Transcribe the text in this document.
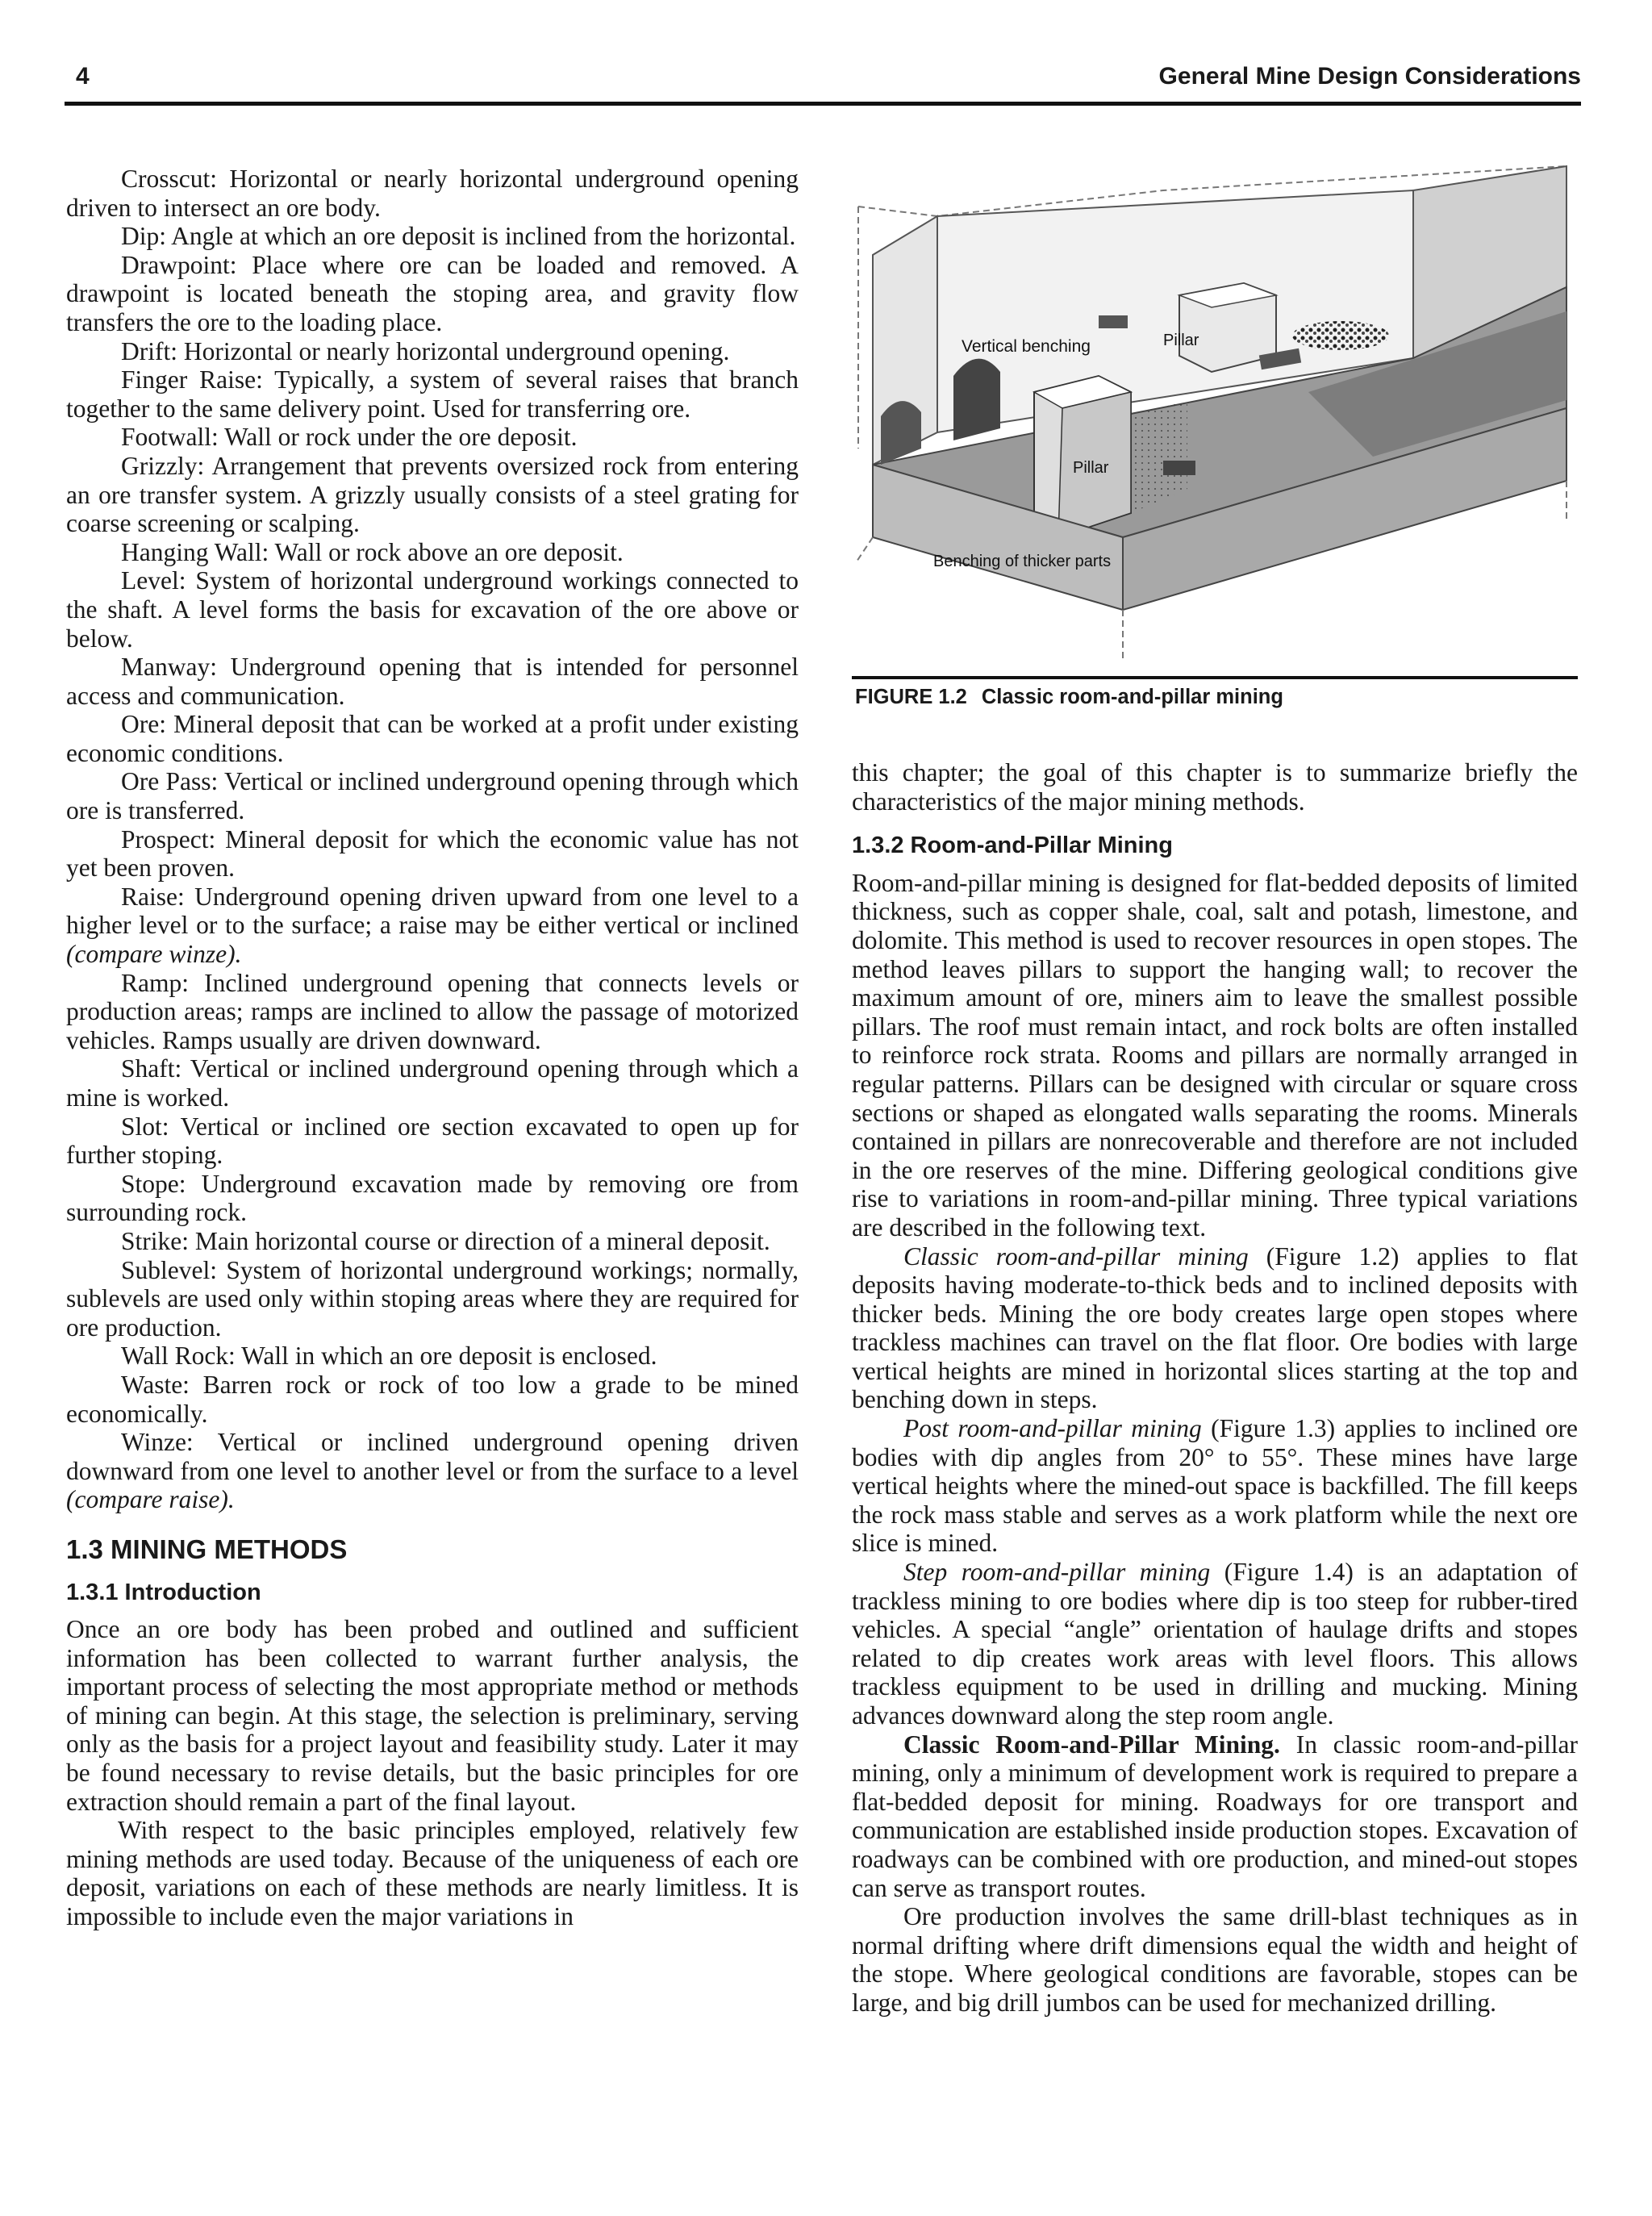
4	General Mine Design Considerations

Crosscut: Horizontal or nearly horizontal underground opening driven to intersect an ore body.

Dip: Angle at which an ore deposit is inclined from the horizontal.

Drawpoint: Place where ore can be loaded and removed. A drawpoint is located beneath the stoping area, and gravity flow transfers the ore to the loading place.

Drift: Horizontal or nearly horizontal underground opening.

Finger Raise: Typically, a system of several raises that branch together to the same delivery point. Used for transferring ore.

Footwall: Wall or rock under the ore deposit.

Grizzly: Arrangement that prevents oversized rock from entering an ore transfer system. A grizzly usually consists of a steel grating for coarse screening or scalping.

Hanging Wall: Wall or rock above an ore deposit.

Level: System of horizontal underground workings connected to the shaft. A level forms the basis for excavation of the ore above or below.

Manway: Underground opening that is intended for personnel access and communication.

Ore: Mineral deposit that can be worked at a profit under existing economic conditions.

Ore Pass: Vertical or inclined underground opening through which ore is transferred.

Prospect: Mineral deposit for which the economic value has not yet been proven.

Raise: Underground opening driven upward from one level to a higher level or to the surface; a raise may be either vertical or inclined (compare winze).

Ramp: Inclined underground opening that connects levels or production areas; ramps are inclined to allow the passage of motorized vehicles. Ramps usually are driven downward.

Shaft: Vertical or inclined underground opening through which a mine is worked.

Slot: Vertical or inclined ore section excavated to open up for further stoping.

Stope: Underground excavation made by removing ore from surrounding rock.

Strike: Main horizontal course or direction of a mineral deposit.

Sublevel: System of horizontal underground workings; normally, sublevels are used only within stoping areas where they are required for ore production.

Wall Rock: Wall in which an ore deposit is enclosed.

Waste: Barren rock or rock of too low a grade to be mined economically.

Winze: Vertical or inclined underground opening driven downward from one level to another level or from the surface to a level (compare raise).

1.3 MINING METHODS
1.3.1 Introduction

Once an ore body has been probed and outlined and sufficient information has been collected to warrant further analysis, the important process of selecting the most appropriate method or methods of mining can begin. At this stage, the selection is preliminary, serving only as the basis for a project layout and feasibility study. Later it may be found necessary to revise details, but the basic principles for ore extraction should remain a part of the final layout.

With respect to the basic principles employed, relatively few mining methods are used today. Because of the uniqueness of each ore deposit, variations on each of these methods are nearly limitless. It is impossible to include even the major variations in

Vertical benching	Pillar
Pillar
Benching of thicker parts
FIGURE 1.2 Classic room-and-pillar mining

this chapter; the goal of this chapter is to summarize briefly the characteristics of the major mining methods.

1.3.2 Room-and-Pillar Mining

Room-and-pillar mining is designed for flat-bedded deposits of limited thickness, such as copper shale, coal, salt and potash, limestone, and dolomite. This method is used to recover resources in open stopes. The method leaves pillars to support the hanging wall; to recover the maximum amount of ore, miners aim to leave the smallest possible pillars. The roof must remain intact, and rock bolts are often installed to reinforce rock strata. Rooms and pillars are normally arranged in regular patterns. Pillars can be designed with circular or square cross sections or shaped as elongated walls separating the rooms. Minerals contained in pillars are nonrecoverable and therefore are not included in the ore reserves of the mine. Differing geological conditions give rise to variations in room-and-pillar mining. Three typical variations are described in the following text.

Classic room-and-pillar mining (Figure 1.2) applies to flat deposits having moderate-to-thick beds and to inclined deposits with thicker beds. Mining the ore body creates large open stopes where trackless machines can travel on the flat floor. Ore bodies with large vertical heights are mined in horizontal slices starting at the top and benching down in steps.

Post room-and-pillar mining (Figure 1.3) applies to inclined ore bodies with dip angles from 20° to 55°. These mines have large vertical heights where the mined-out space is backfilled. The fill keeps the rock mass stable and serves as a work platform while the next ore slice is mined.

Step room-and-pillar mining (Figure 1.4) is an adaptation of trackless mining to ore bodies where dip is too steep for rubber-tired vehicles. A special “angle” orientation of haulage drifts and stopes related to dip creates work areas with level floors. This allows trackless equipment to be used in drilling and mucking. Mining advances downward along the step room angle.

Classic Room-and-Pillar Mining. In classic room-and-pillar mining, only a minimum of development work is required to prepare a flat-bedded deposit for mining. Roadways for ore transport and communication are established inside production stopes. Excavation of roadways can be combined with ore production, and mined-out stopes can serve as transport routes.

Ore production involves the same drill-blast techniques as in normal drifting where drift dimensions equal the width and height of the stope. Where geological conditions are favorable, stopes can be large, and big drill jumbos can be used for mechanized drilling.
